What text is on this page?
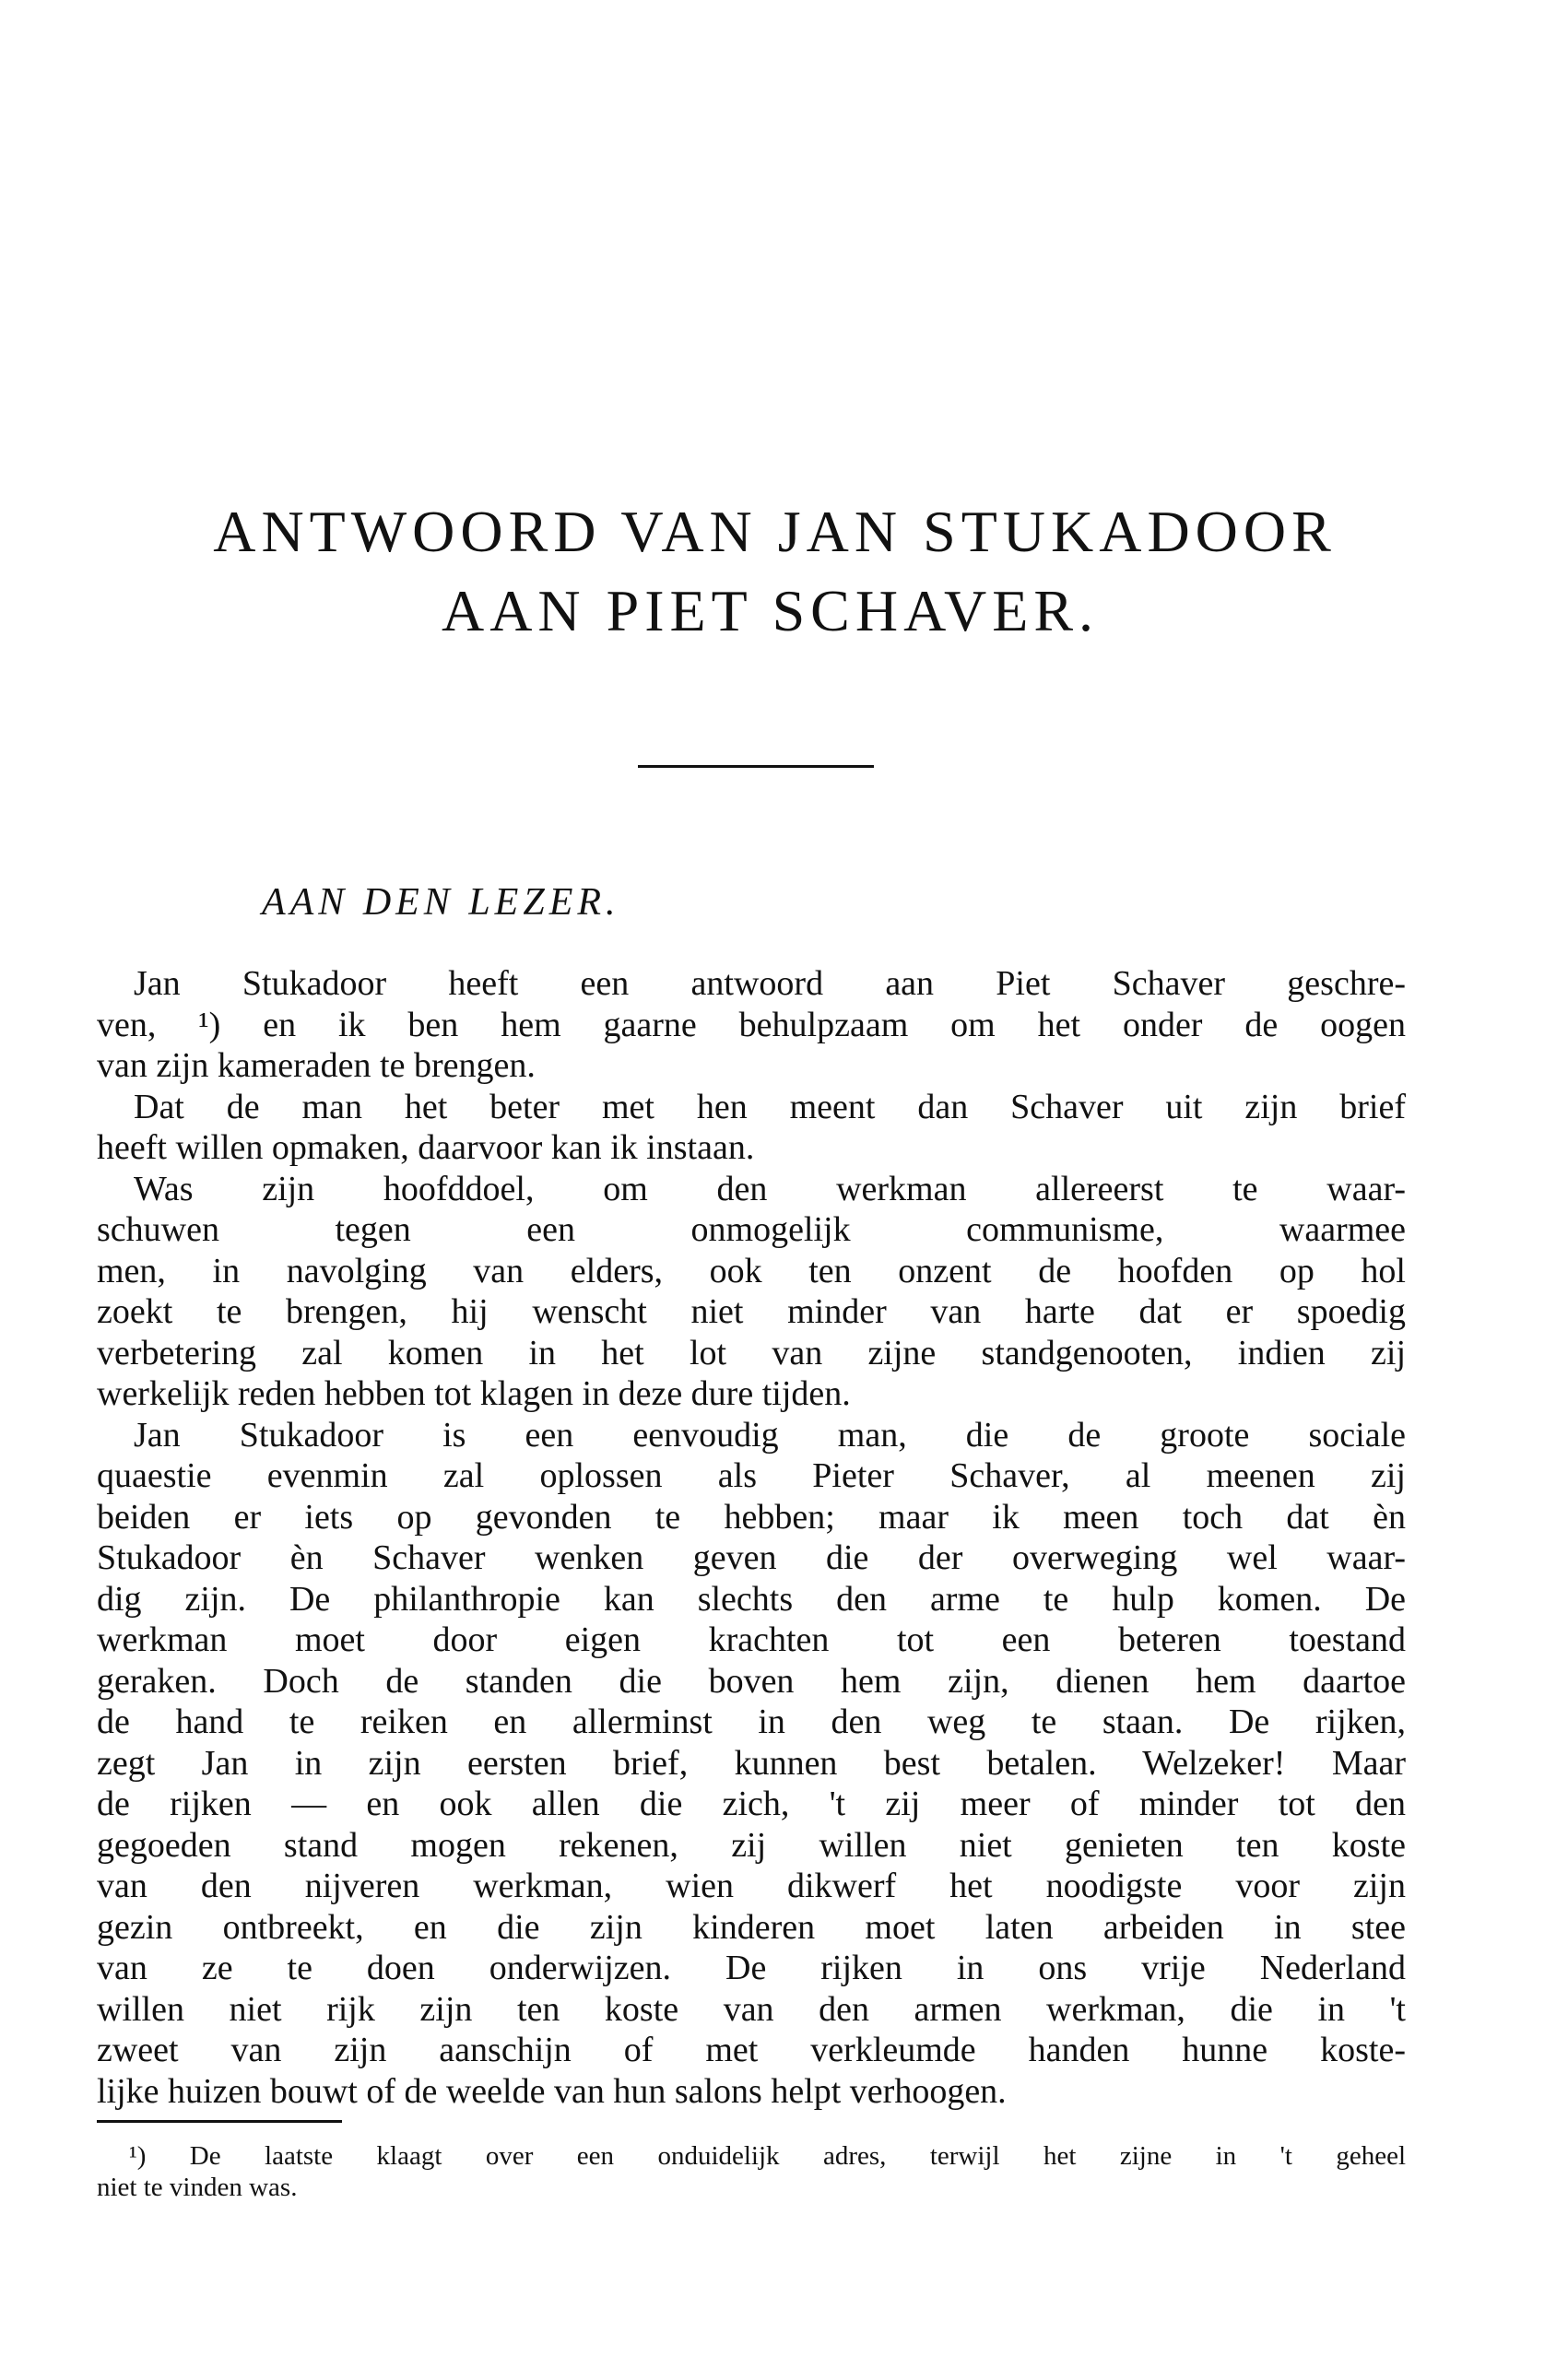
ANTWOORD VAN JAN STUKADOOR
AAN PIET SCHAVER.
AAN DEN LEZER.
Jan Stukadoor heeft een antwoord aan Piet Schaver geschre-
ven, ¹) en ik ben hem gaarne behulpzaam om het onder de oogen
van zijn kameraden te brengen.
Dat de man het beter met hen meent dan Schaver uit zijn brief
heeft willen opmaken, daarvoor kan ik instaan.
Was zijn hoofddoel, om den werkman allereerst te waar-
schuwen tegen een onmogelijk communisme, waarmee
men, in navolging van elders, ook ten onzent de hoofden op hol
zoekt te brengen, hij wenscht niet minder van harte dat er spoedig
verbetering zal komen in het lot van zijne standgenooten, indien zij
werkelijk reden hebben tot klagen in deze dure tijden.
Jan Stukadoor is een eenvoudig man, die de groote sociale
quaestie evenmin zal oplossen als Pieter Schaver, al meenen zij
beiden er iets op gevonden te hebben; maar ik meen toch dat èn
Stukadoor èn Schaver wenken geven die der overweging wel waar-
dig zijn. De philanthropie kan slechts den arme te hulp komen. De
werkman moet door eigen krachten tot een beteren toestand
geraken. Doch de standen die boven hem zijn, dienen hem daartoe
de hand te reiken en allerminst in den weg te staan. De rijken,
zegt Jan in zijn eersten brief, kunnen best betalen. Welzeker! Maar
de rijken — en ook allen die zich, 't zij meer of minder tot den
gegoeden stand mogen rekenen, zij willen niet genieten ten koste
van den nijveren werkman, wien dikwerf het noodigste voor zijn
gezin ontbreekt, en die zijn kinderen moet laten arbeiden in stee
van ze te doen onderwijzen. De rijken in ons vrije Nederland
willen niet rijk zijn ten koste van den armen werkman, die in 't
zweet van zijn aanschijn of met verkleumde handen hunne koste-
lijke huizen bouwt of de weelde van hun salons helpt verhoogen.
¹) De laatste klaagt over een onduidelijk adres, terwijl het zijne in 't geheel
niet te vinden was.
